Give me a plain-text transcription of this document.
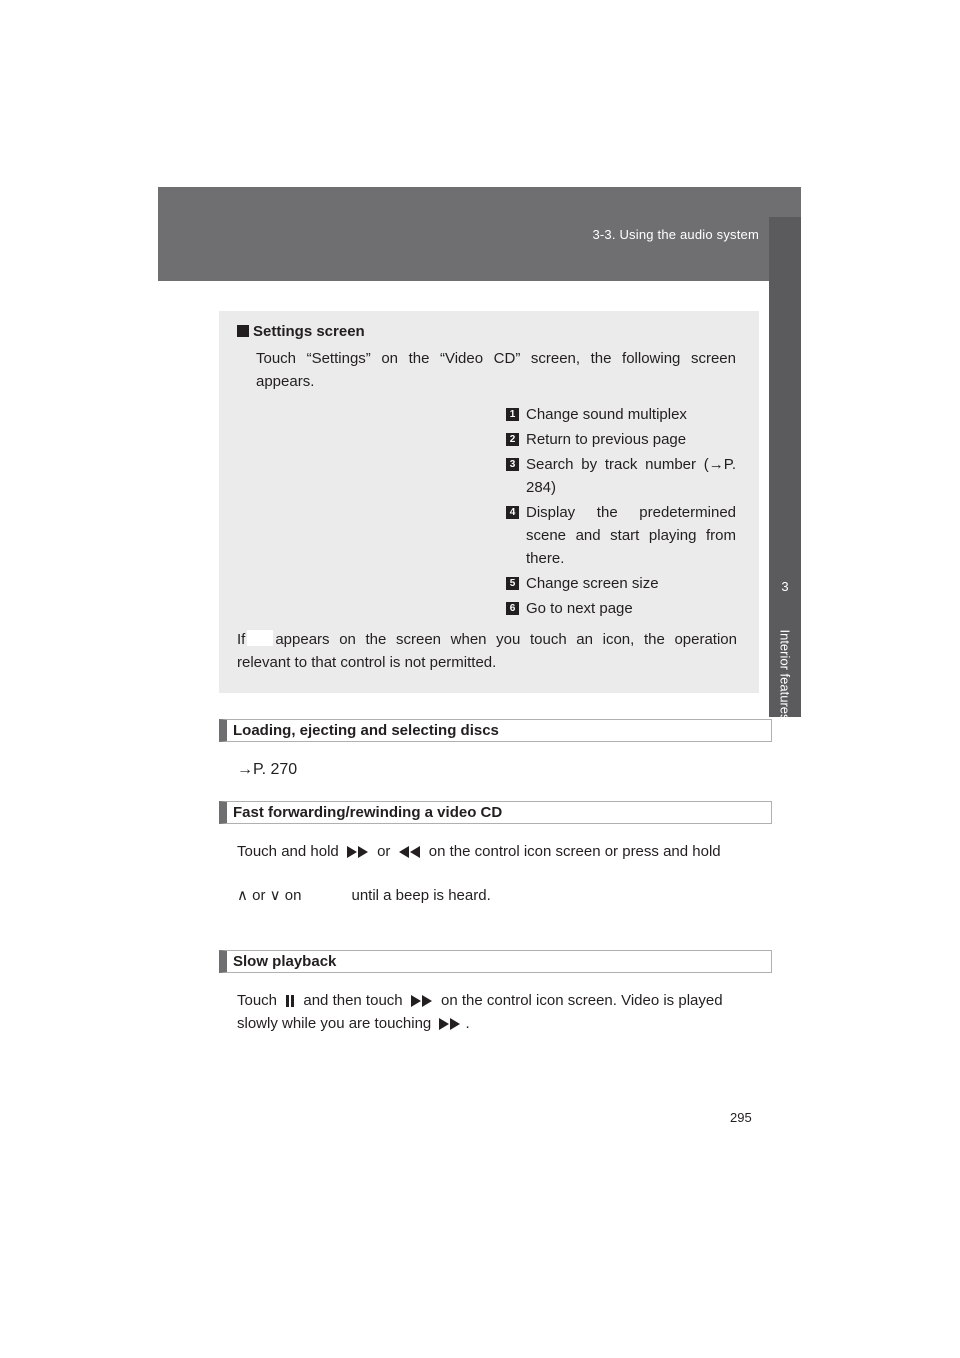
3-3. Using the audio system
3
Interior features
Settings screen
Touch “Settings” on the “Video CD” screen, the following screen appears.
1 Change sound multiplex
2 Return to previous page
3 Search by track number (→P. 284)
4 Display the predetermined scene and start playing from there.
5 Change screen size
6 Go to next page
If appears on the screen when you touch an icon, the operation relevant to that control is not permitted.
Loading, ejecting and selecting discs
→P. 270
Fast forwarding/rewinding a video CD
Touch and hold	or	on the control icon screen or press and hold
∧ or ∨ on	until a beep is heard.
Slow playback
Touch and then touch	on the control icon screen. Video is played
slowly while you are touching .
295
